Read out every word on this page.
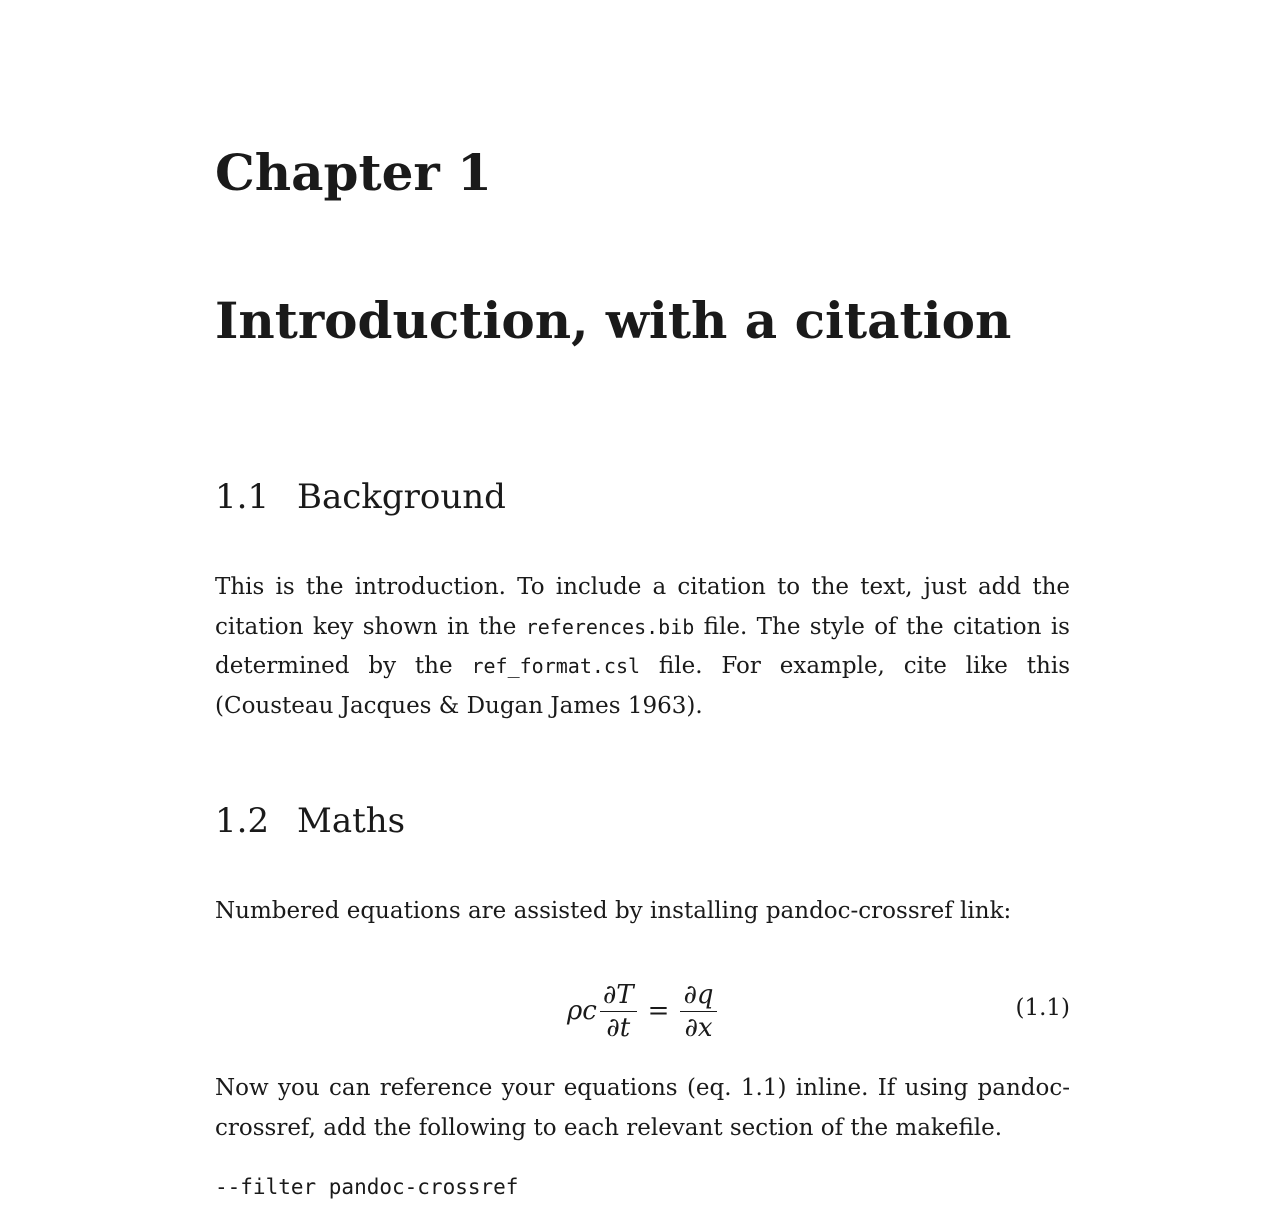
Chapter 1
Introduction, with a citation
1.1 Background
This is the introduction. To include a citation to the text, just add the citation key shown in the references.bib file. The style of the citation is determined by the ref_format.csl file. For example, cite like this (Cousteau Jacques & Dugan James 1963).
1.2 Maths
Numbered equations are assisted by installing pandoc-crossref link:
ρc $\frac{\partial T}{\partial t} = \frac{\partial q}{\partial x}$	(1.1)
Now you can reference your equations (eq. 1.1) inline. If using pandoc-crossref, add the following to each relevant section of the makefile.
--filter pandoc-crossref
